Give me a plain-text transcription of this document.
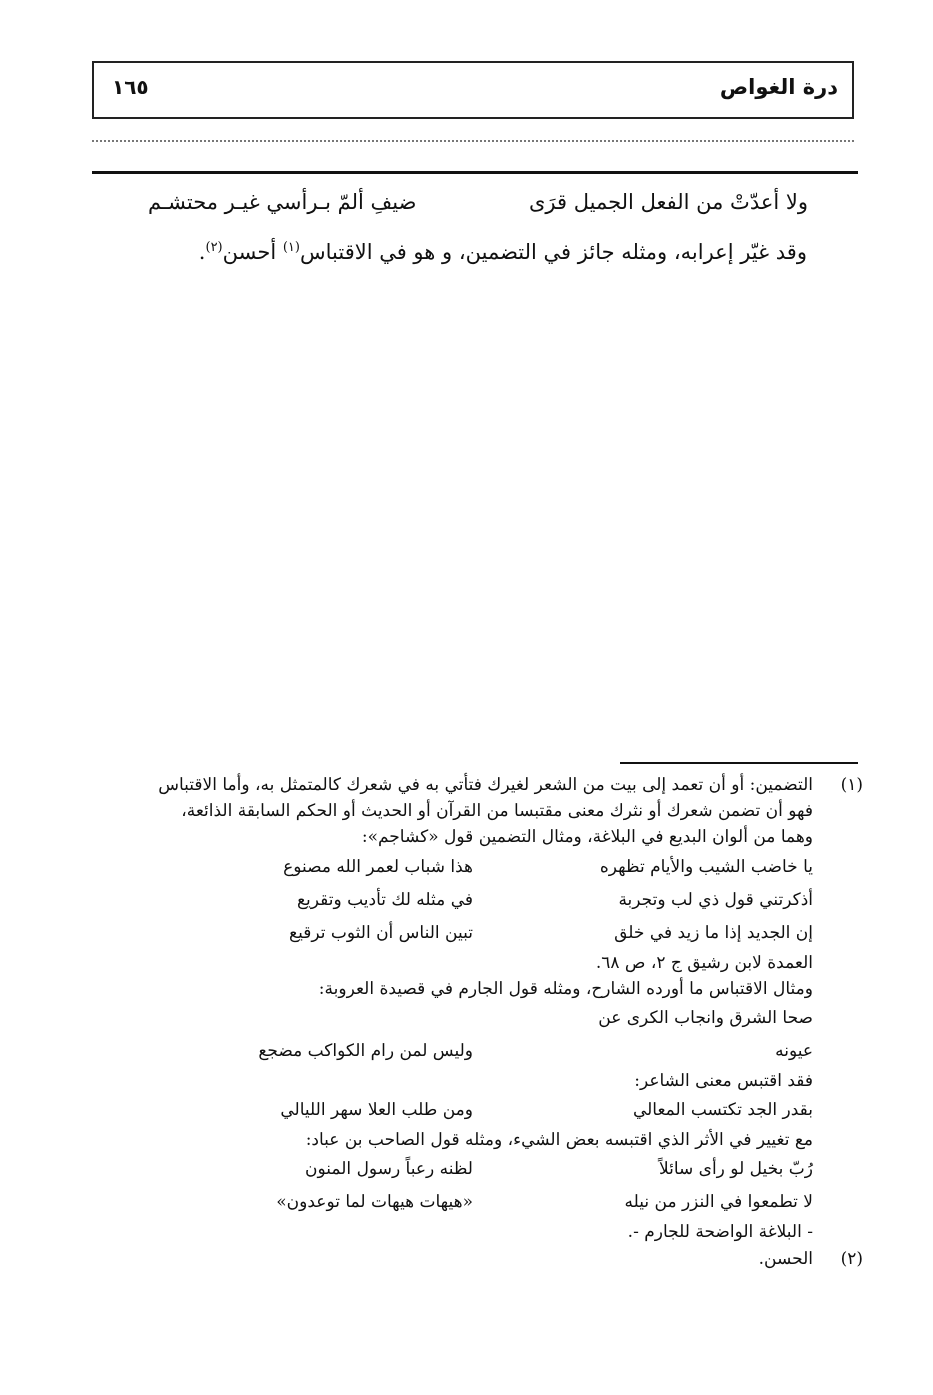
درة الغواص
١٦٥
ولا أعدّتْ من الفعل الجميل قرَى
ضيفِ ألمّ بـرأسي غيـر محتشـم
وقد غيّر إعرابه، ومثله جائز في التضمين، و هو في الاقتباس$^{(١)}$ أحسن$^{(٢)}$.
(١)التضمين: أو أن تعمد إلى بيت من الشعر لغيرك فتأتي به في شعرك كالمتمثل به، وأما الاقتباس
فهو أن تضمن شعرك أو نثرك معنى مقتبسا من القرآن أو الحديث أو الحكم السابقة الذائعة،
وهما من ألوان البديع في البلاغة، ومثال التضمين قول «كشاجم»:
يا خاضب الشيب والأيام تظهره
هذا شباب لعمر الله مصنوع
أذكرتني قول ذي لب وتجربة
في مثله لك تأديب وتقريع
إن الجديد إذا ما زيد في خلق
تبين الناس أن الثوب ترقيع
العمدة لابن رشيق ج ٢، ص ٦٨.
ومثال الاقتباس ما أورده الشارح، ومثله قول الجارم في قصيدة العروبة:
صحا الشرق وانجاب الكرى عن
عيونه
وليس لمن رام الكواكب مضجع
فقد اقتبس معنى الشاعر:
بقدر الجد تكتسب المعالي
ومن طلب العلا سهر الليالي
مع تغيير في الأثر الذي اقتبسه بعض الشيء، ومثله قول الصاحب بن عباد:
رُبّ بخيل لو رأى سائلاً
لظنه رعباً رسول المنون
لا تطمعوا في النزر من نيله
«هيهات هيهات لما توعدون»
- البلاغة الواضحة للجارم -.
(٢)الحسن.
